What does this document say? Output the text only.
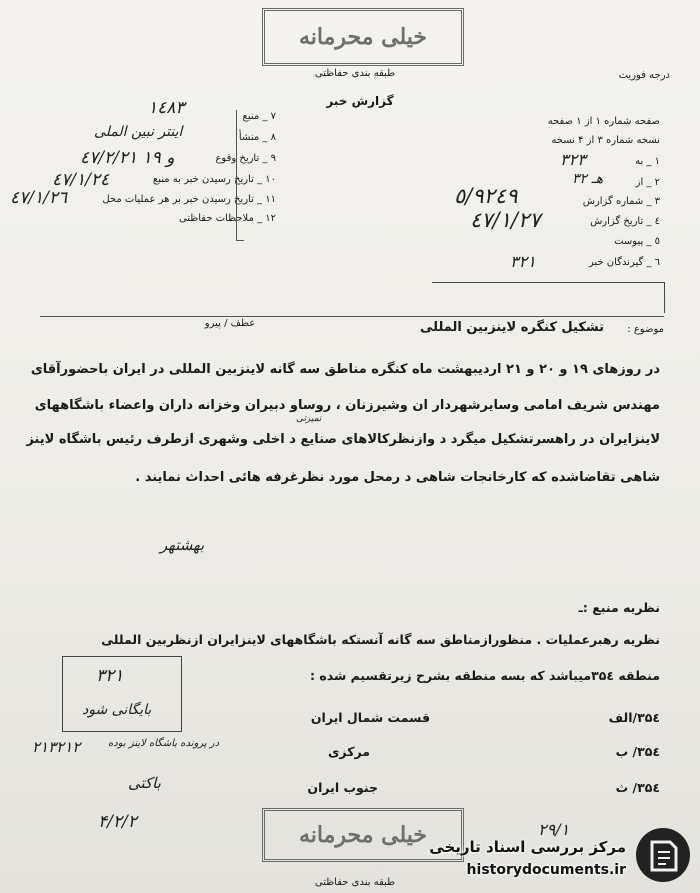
خیلی محرمانه
طبقه بندی حفاظتی	درجه فوریت
گزارش خبر
صفحه شماره ۱ از ۱ صفحه
نسخه شماره ۳ از ۴ نسخه
۱ _ به
۲ _ از
۳ _ شماره گزارش
٤ _ تاریخ گزارش
٥ _ پیوست
٦ _ گیرندگان خبر
۷ _ منبع
۸ _ منشأ
۹ _ تاریخ وقوع
۱۰ _ تاریخ رسیدن خبر به منبع
۱۱ _ تاریخ رسیدن خبر بر هر عملیات محل
۱۲ _ ملاحظات حفاظتی
عطف / پیرو
۱٤۸۳
اینتر نبین الملی
٤۷/۲/۲۱ و ۱۹
٤۷/۱/۲٤
٤۷/۱/۲٦
۳۲۳
۳۲ هـ
٥/٩٢٤٩
٤۷/۱/۲۷
۳۲۱
موضوع :
تشکیل کنگره لاینزبین المللی
تمیرتی
در روزهای ۱۹ و ۲۰ و ۲۱ اردیبهشت ماه کنگره مناطق سه گانه لاینزبین المللی در ایران باحضورآقای
مهندس شریف امامی وسایرشهردار ان وشیرزنان ، روساو دبیران وخزانه داران واعضاء باشگاههای
لاینزایران در راهسرتشکیل میگرد د وازنظرکالاهای صنایع د اخلی وشهری ازطرف رئیس باشگاه لاینز
شاهی تقاضاشده که کارخانجات شاهی د رمحل مورد نظرغرفه هائی احداث نمایند .
بهشتهر
نظریه منبع :ـ
نظریه رهبرعملیات . منظورازمناطق سه گانه آنستکه باشگاههای لاینزایران ازنظربین المللی
منطقه ۳۵٤میباشد که بسه منطقه بشرح زیرتقسیم شده :
۳۵٤/الف
قسمت شمال ایران
۳۵٤/ ب
مرکزی
۳۵٤/ ث
جنوب ایران
۳۲۱
بایگانی شود
در پرونده باشگاه لاینز بوده
۲۱۳۲۱۲
باکتی
۴/۲/۲	۲۹/۱
خیلی محرمانه
طبقه بندی حفاظتی
مرکز بررسی اسناد تاریخی
historydocuments.ir
